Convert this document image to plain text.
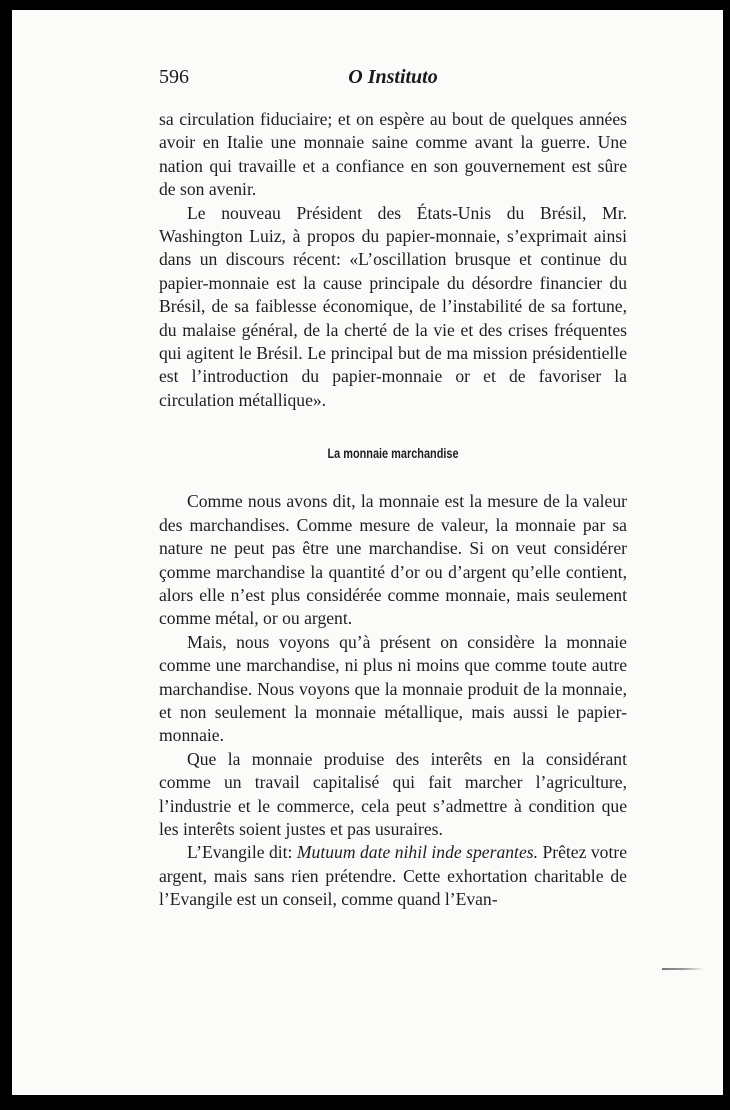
596	O Instituto

sa circulation fiduciaire; et on espère au bout de quelques années avoir en Italie une monnaie saine comme avant la guerre. Une nation qui travaille et a confiance en son gouvernement est sûre de son avenir.

Le nouveau Président des États-Unis du Brésil, Mr. Washington Luiz, à propos du papier-monnaie, s’exprimait ainsi dans un discours récent: «L’oscillation brusque et continue du papier-monnaie est la cause principale du désordre financier du Brésil, de sa faiblesse économique, de l’instabilité de sa fortune, du malaise général, de la cherté de la vie et des crises fréquentes qui agitent le Brésil. Le principal but de ma mission présidentielle est l’introduction du papier-monnaie or et de favoriser la circulation métallique».

La monnaie marchandise

Comme nous avons dit, la monnaie est la mesure de la valeur des marchandises. Comme mesure de valeur, la monnaie par sa nature ne peut pas être une marchandise. Si on veut considérer çomme marchandise la quantité d’or ou d’argent qu’elle contient, alors elle n’est plus considérée comme monnaie, mais seulement comme métal, or ou argent.

Mais, nous voyons qu’à présent on considère la monnaie comme une marchandise, ni plus ni moins que comme toute autre marchandise. Nous voyons que la monnaie produit de la monnaie, et non seulement la monnaie métallique, mais aussi le papier-monnaie.

Que la monnaie produise des interêts en la considérant comme un travail capitalisé qui fait marcher l’agriculture, l’industrie et le commerce, cela peut s’admettre à condition que les interêts soient justes et pas usuraires.

L’Evangile dit: Mutuum date nihil inde sperantes. Prêtez votre argent, mais sans rien prétendre. Cette exhortation charitable de l’Evangile est un conseil, comme quand l’Evan-
